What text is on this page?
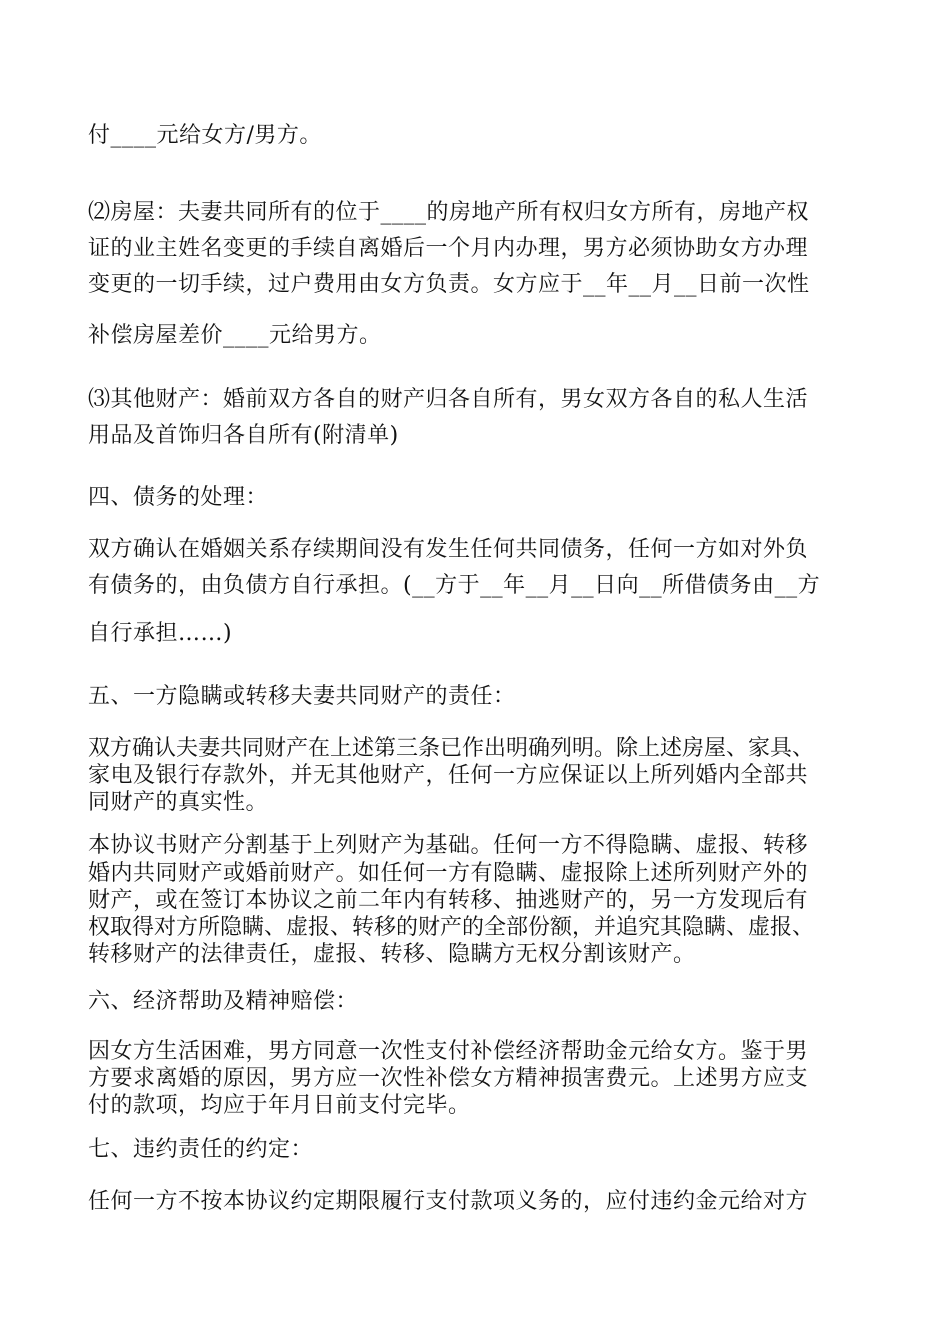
付____元给女方/男方。
⑵房屋：夫妻共同所有的位于____的房地产所有权归女方所有，房地产权
证的业主姓名变更的手续自离婚后一个月内办理，男方必须协助女方办理
变更的一切手续，过户费用由女方负责。女方应于__年__月__日前一次性
补偿房屋差价____元给男方。
⑶其他财产：婚前双方各自的财产归各自所有，男女双方各自的私人生活
用品及首饰归各自所有(附清单)
四、债务的处理：
双方确认在婚姻关系存续期间没有发生任何共同债务，任何一方如对外负
有债务的，由负债方自行承担。(__方于__年__月__日向__所借债务由__方
自行承担……)
五、一方隐瞒或转移夫妻共同财产的责任：
双方确认夫妻共同财产在上述第三条已作出明确列明。除上述房屋、家具、
家电及银行存款外，并无其他财产，任何一方应保证以上所列婚内全部共
同财产的真实性。
本协议书财产分割基于上列财产为基础。任何一方不得隐瞒、虚报、转移
婚内共同财产或婚前财产。如任何一方有隐瞒、虚报除上述所列财产外的
财产，或在签订本协议之前二年内有转移、抽逃财产的，另一方发现后有
权取得对方所隐瞒、虚报、转移的财产的全部份额，并追究其隐瞒、虚报、
转移财产的法律责任，虚报、转移、隐瞒方无权分割该财产。
六、经济帮助及精神赔偿：
因女方生活困难，男方同意一次性支付补偿经济帮助金元给女方。鉴于男
方要求离婚的原因，男方应一次性补偿女方精神损害费元。上述男方应支
付的款项，均应于年月日前支付完毕。
七、违约责任的约定：
任何一方不按本协议约定期限履行支付款项义务的，应付违约金元给对方
